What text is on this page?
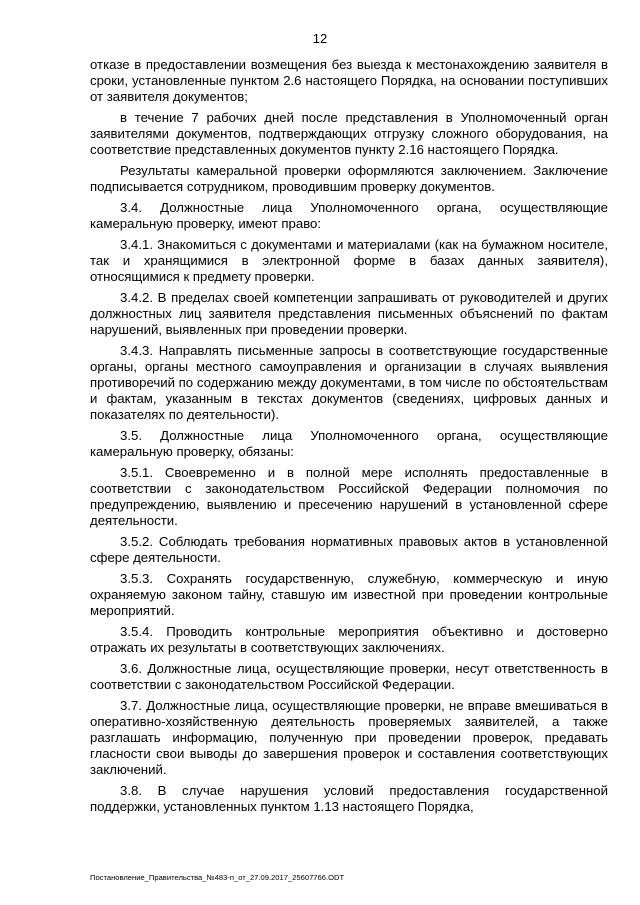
12

отказе в предоставлении возмещения без выезда к местонахождению заявителя в сроки, установленные пунктом 2.6 настоящего Порядка, на основании поступивших от заявителя документов;

в течение 7 рабочих дней после представления в Уполномоченный орган заявителями документов, подтверждающих отгрузку сложного оборудования, на соответствие представленных документов пункту 2.16 настоящего Порядка.

Результаты камеральной проверки оформляются заключением. Заключение подписывается сотрудником, проводившим проверку документов.

3.4. Должностные лица Уполномоченного органа, осуществляющие камеральную проверку, имеют право:

3.4.1. Знакомиться с документами и материалами (как на бумажном носителе, так и хранящимися в электронной форме в базах данных заявителя), относящимися к предмету проверки.

3.4.2. В пределах своей компетенции запрашивать от руководителей и других должностных лиц заявителя представления письменных объяснений по фактам нарушений, выявленных при проведении проверки.

3.4.3. Направлять письменные запросы в соответствующие государственные органы, органы местного самоуправления и организации в случаях выявления противоречий по содержанию между документами, в том числе по обстоятельствам и фактам, указанным в текстах документов (сведениях, цифровых данных и показателях по деятельности).

3.5. Должностные лица Уполномоченного органа, осуществляющие камеральную проверку, обязаны:

3.5.1. Своевременно и в полной мере исполнять предоставленные в соответствии с законодательством Российской Федерации полномочия по предупреждению, выявлению и пресечению нарушений в установленной сфере деятельности.

3.5.2. Соблюдать требования нормативных правовых актов в установленной сфере деятельности.

3.5.3. Сохранять государственную, служебную, коммерческую и иную охраняемую законом тайну, ставшую им известной при проведении контрольные мероприятий.

3.5.4. Проводить контрольные мероприятия объективно и достоверно отражать их результаты в соответствующих заключениях.

3.6. Должностные лица, осуществляющие проверки, несут ответственность в соответствии с законодательством Российской Федерации.

3.7. Должностные лица, осуществляющие проверки, не вправе вмешиваться в оперативно-хозяйственную деятельность проверяемых заявителей, а также разглашать информацию, полученную при проведении проверок, предавать гласности свои выводы до завершения проверок и составления соответствующих заключений.

3.8. В случае нарушения условий предоставления государственной поддержки, установленных пунктом 1.13 настоящего Порядка,

Постановление_Правительства_№483-п_от_27.09.2017_25607766.ODT
